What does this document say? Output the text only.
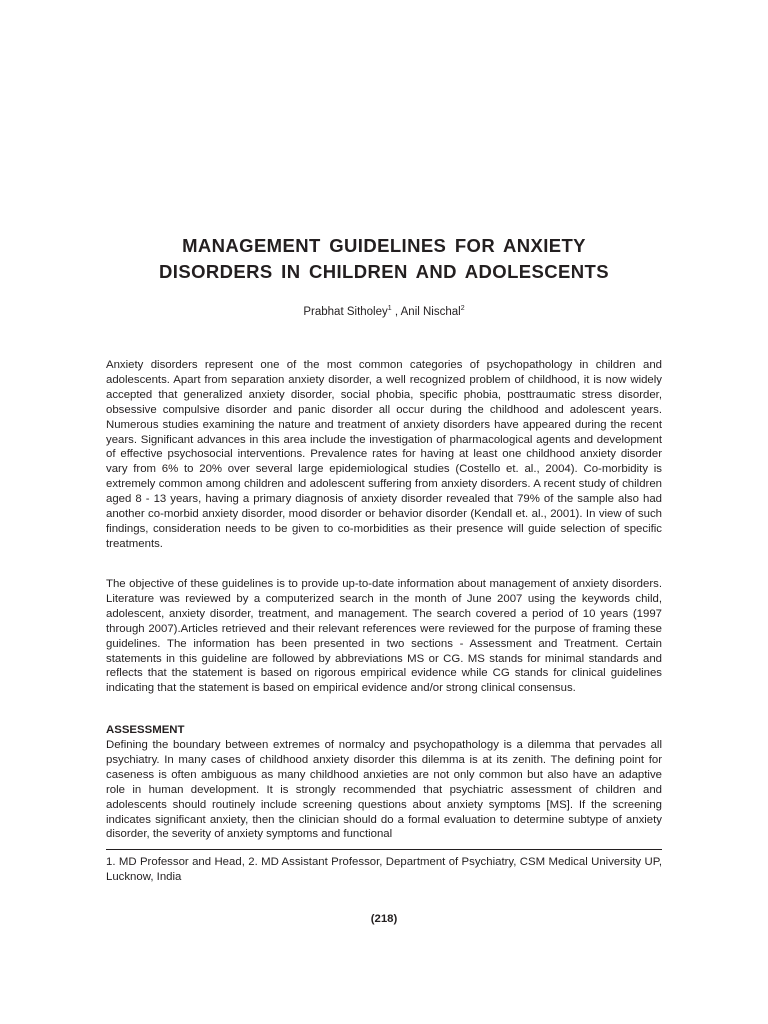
MANAGEMENT GUIDELINES FOR ANXIETY
DISORDERS IN CHILDREN AND ADOLESCENTS
Prabhat Sitholey$^1$ , Anil Nischal$^2$

Anxiety disorders represent one of the most common categories of psychopathology in children and adolescents. Apart from separation anxiety disorder, a well recognized problem of childhood, it is now widely accepted that generalized anxiety disorder, social phobia, specific phobia, posttraumatic stress disorder, obsessive compulsive disorder and panic disorder all occur during the childhood and adolescent years. Numerous studies examining the nature and treatment of anxiety disorders have appeared during the recent years. Significant advances in this area include the investigation of pharmacological agents and development of effective psychosocial interventions. Prevalence rates for having at least one childhood anxiety disorder vary from 6% to 20% over several large epidemiological studies (Costello et. al., 2004). Co-morbidity is extremely common among children and adolescent suffering from anxiety disorders. A recent study of children aged 8 - 13 years, having a primary diagnosis of anxiety disorder revealed that 79% of the sample also had another co-morbid anxiety disorder, mood disorder or behavior disorder (Kendall et. al., 2001). In view of such findings, consideration needs to be given to co-morbidities as their presence will guide selection of specific treatments.

The objective of these guidelines is to provide up-to-date information about management of anxiety disorders. Literature was reviewed by a computerized search in the month of June 2007 using the keywords child, adolescent, anxiety disorder, treatment, and management. The search covered a period of 10 years (1997 through 2007).Articles retrieved and their relevant references were reviewed for the purpose of framing these guidelines. The information has been presented in two sections - Assessment and Treatment. Certain statements in this guideline are followed by abbreviations MS or CG. MS stands for minimal standards and reflects that the statement is based on rigorous empirical evidence while CG stands for clinical guidelines indicating that the statement is based on empirical evidence and/or strong clinical consensus.

ASSESSMENT

Defining the boundary between extremes of normalcy and psychopathology is a dilemma that pervades all psychiatry. In many cases of childhood anxiety disorder this dilemma is at its zenith. The defining point for caseness is often ambiguous as many childhood anxieties are not only common but also have an adaptive role in human development. It is strongly recommended that psychiatric assessment of children and adolescents should routinely include screening questions about anxiety symptoms [MS]. If the screening indicates significant anxiety, then the clinician should do a formal evaluation to determine subtype of anxiety disorder, the severity of anxiety symptoms and functional

1. MD Professor and Head, 2. MD Assistant Professor, Department of Psychiatry, CSM Medical University UP, Lucknow, India

(218)
